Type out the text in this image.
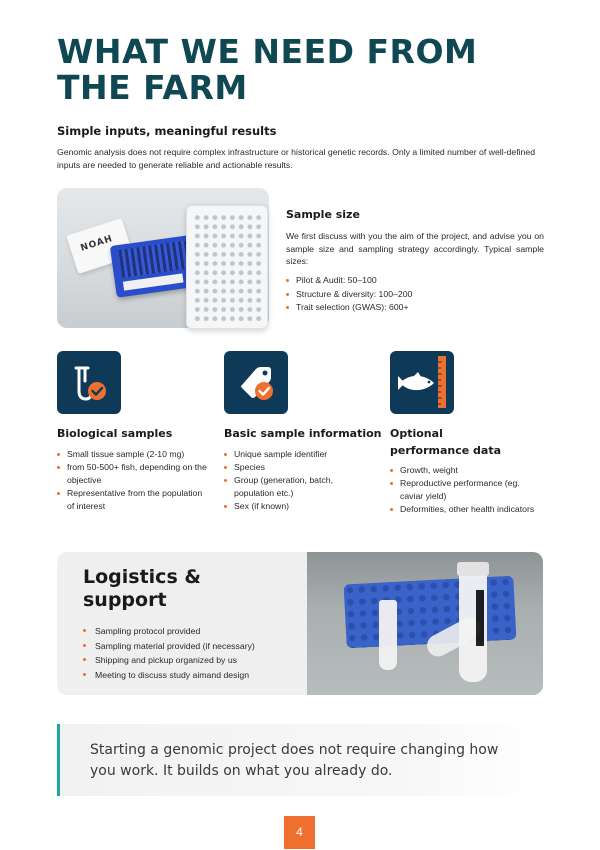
WHAT WE NEED FROM THE FARM
Simple inputs, meaningful results

Genomic analysis does not require complex infrastructure or historical genetic records. Only a limited number of well-defined inputs are needed to generate reliable and actionable results.

NOAH
Sample size

We first discuss with you the aim of the project, and advise you on sample size and sampling strategy accordingly. Typical sample sizes:

Pilot & Audit: 50–100
Structure & diversity: 100–200
Trait selection (GWAS): 600+
Biological samples
Small tissue sample (2-10 mg)
from 50-500+ fish, depending on the objective
Representative from the population of interest
Basic sample information
Unique sample identifier
Species
Group (generation, batch, population etc.)
Sex (if known)
Optional performance data
Growth, weight
Reproductive performance (eg. caviar yield)
Deformities, other health indicators
Logistics & support
Sampling protocol provided
Sampling material provided (if necessary)
Shipping and pickup organized by us
Meeting to discuss study aimand design

Starting a genomic project does not require changing how you work. It builds on what you already do.

4
